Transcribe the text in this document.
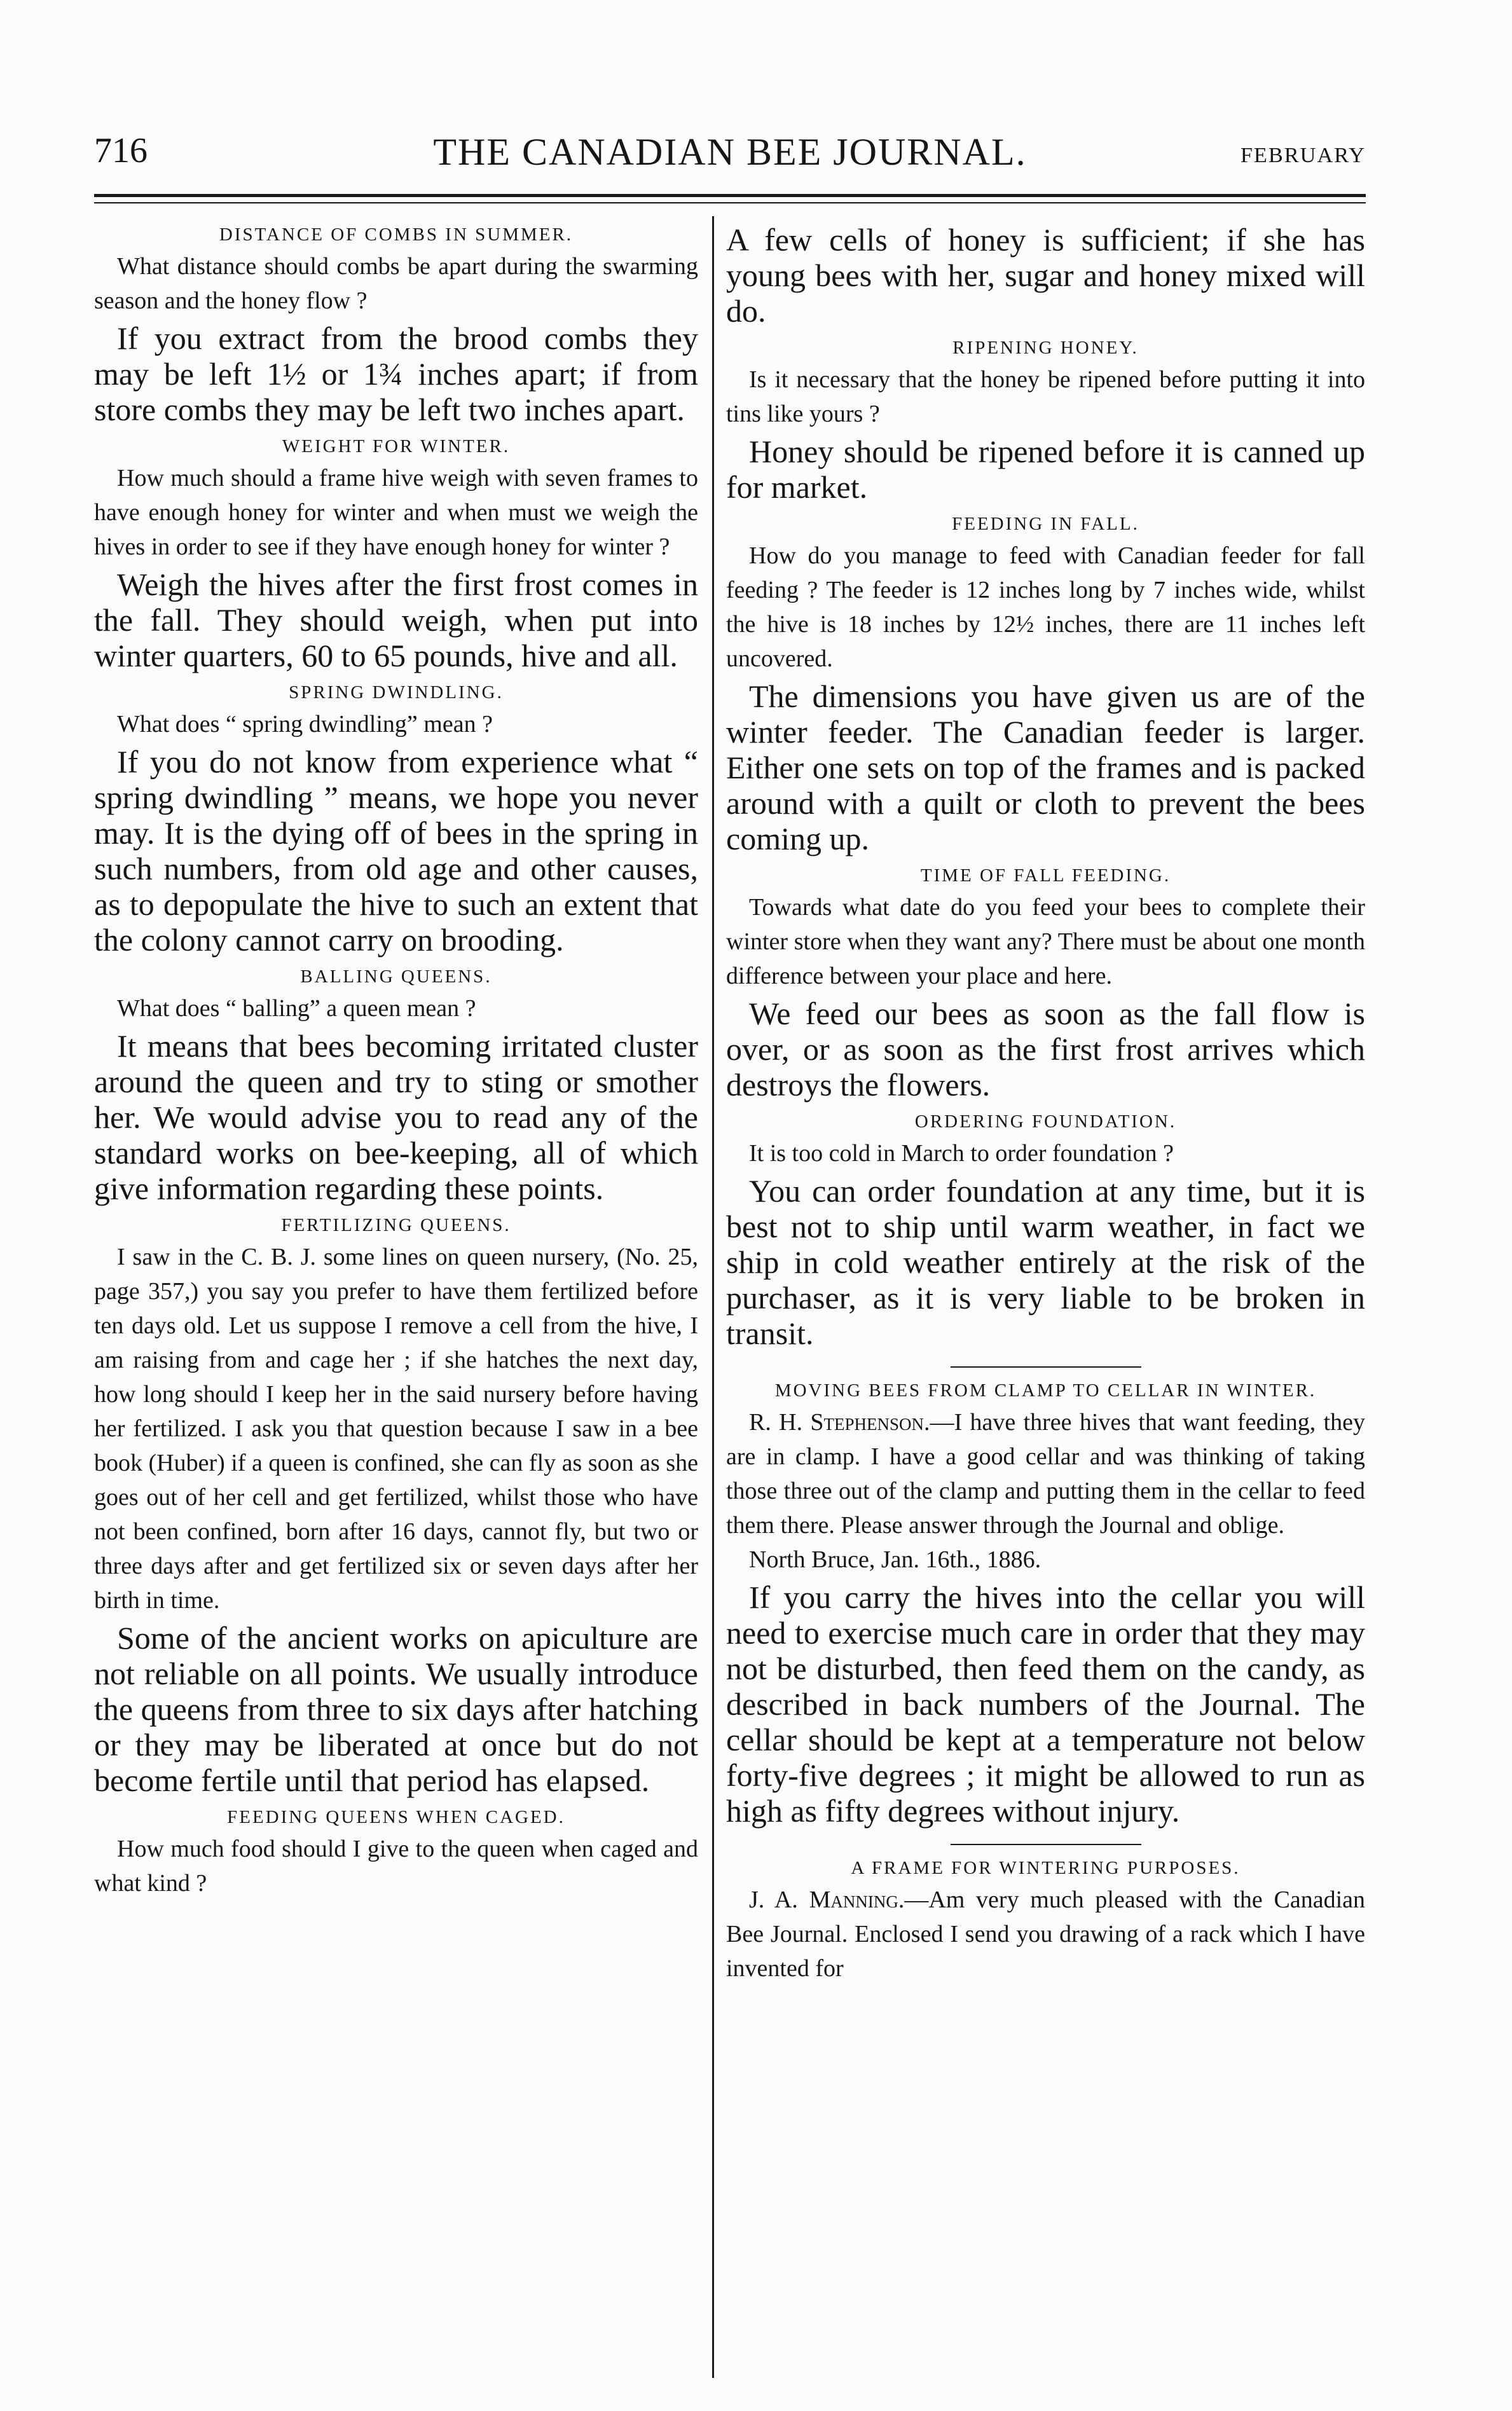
716	THE CANADIAN BEE JOURNAL.	FEBRUARY
DISTANCE OF COMBS IN SUMMER.

What distance should combs be apart during the swarming season and the honey flow ?

If you extract from the brood combs they may be left 1½ or 1¾ inches apart; if from store combs they may be left two inches apart.

WEIGHT FOR WINTER.

How much should a frame hive weigh with seven frames to have enough honey for winter and when must we weigh the hives in order to see if they have enough honey for winter ?

Weigh the hives after the first frost comes in the fall. They should weigh, when put into winter quarters, 60 to 65 pounds, hive and all.

SPRING DWINDLING.

What does “ spring dwindling” mean ?

If you do not know from experience what “ spring dwindling ” means, we hope you never may. It is the dying off of bees in the spring in such numbers, from old age and other causes, as to depopulate the hive to such an extent that the colony cannot carry on brooding.

BALLING QUEENS.

What does “ balling” a queen mean ?

It means that bees becoming irritated cluster around the queen and try to sting or smother her. We would advise you to read any of the standard works on bee-keeping, all of which give information regarding these points.

FERTILIZING QUEENS.

I saw in the C. B. J. some lines on queen nursery, (No. 25, page 357,) you say you prefer to have them fertilized before ten days old. Let us suppose I remove a cell from the hive, I am raising from and cage her ; if she hatches the next day, how long should I keep her in the said nursery before having her fertilized. I ask you that question because I saw in a bee book (Huber) if a queen is confined, she can fly as soon as she goes out of her cell and get fertilized, whilst those who have not been confined, born after 16 days, cannot fly, but two or three days after and get fertilized six or seven days after her birth in time.

Some of the ancient works on apiculture are not reliable on all points. We usually introduce the queens from three to six days after hatching or they may be liberated at once but do not become fertile until that period has elapsed.

FEEDING QUEENS WHEN CAGED.

How much food should I give to the queen when caged and what kind ?

A few cells of honey is sufficient; if she has young bees with her, sugar and honey mixed will do.

RIPENING HONEY.

Is it necessary that the honey be ripened before putting it into tins like yours ?

Honey should be ripened before it is canned up for market.

FEEDING IN FALL.

How do you manage to feed with Canadian feeder for fall feeding ? The feeder is 12 inches long by 7 inches wide, whilst the hive is 18 inches by 12½ inches, there are 11 inches left uncovered.

The dimensions you have given us are of the winter feeder. The Canadian feeder is larger. Either one sets on top of the frames and is packed around with a quilt or cloth to prevent the bees coming up.

TIME OF FALL FEEDING.

Towards what date do you feed your bees to complete their winter store when they want any? There must be about one month difference between your place and here.

We feed our bees as soon as the fall flow is over, or as soon as the first frost arrives which destroys the flowers.

ORDERING FOUNDATION.

It is too cold in March to order foundation ?

You can order foundation at any time, but it is best not to ship until warm weather, in fact we ship in cold weather entirely at the risk of the purchaser, as it is very liable to be broken in transit.

MOVING BEES FROM CLAMP TO CELLAR IN WINTER.

R. H. Stephenson.—I have three hives that want feeding, they are in clamp. I have a good cellar and was thinking of taking those three out of the clamp and putting them in the cellar to feed them there. Please answer through the Journal and oblige.

North Bruce, Jan. 16th., 1886.

If you carry the hives into the cellar you will need to exercise much care in order that they may not be disturbed, then feed them on the candy, as described in back numbers of the Journal. The cellar should be kept at a temperature not below forty-five degrees ; it might be allowed to run as high as fifty degrees without injury.

A FRAME FOR WINTERING PURPOSES.

J. A. Manning.—Am very much pleased with the Canadian Bee Journal. Enclosed I send you drawing of a rack which I have invented for
